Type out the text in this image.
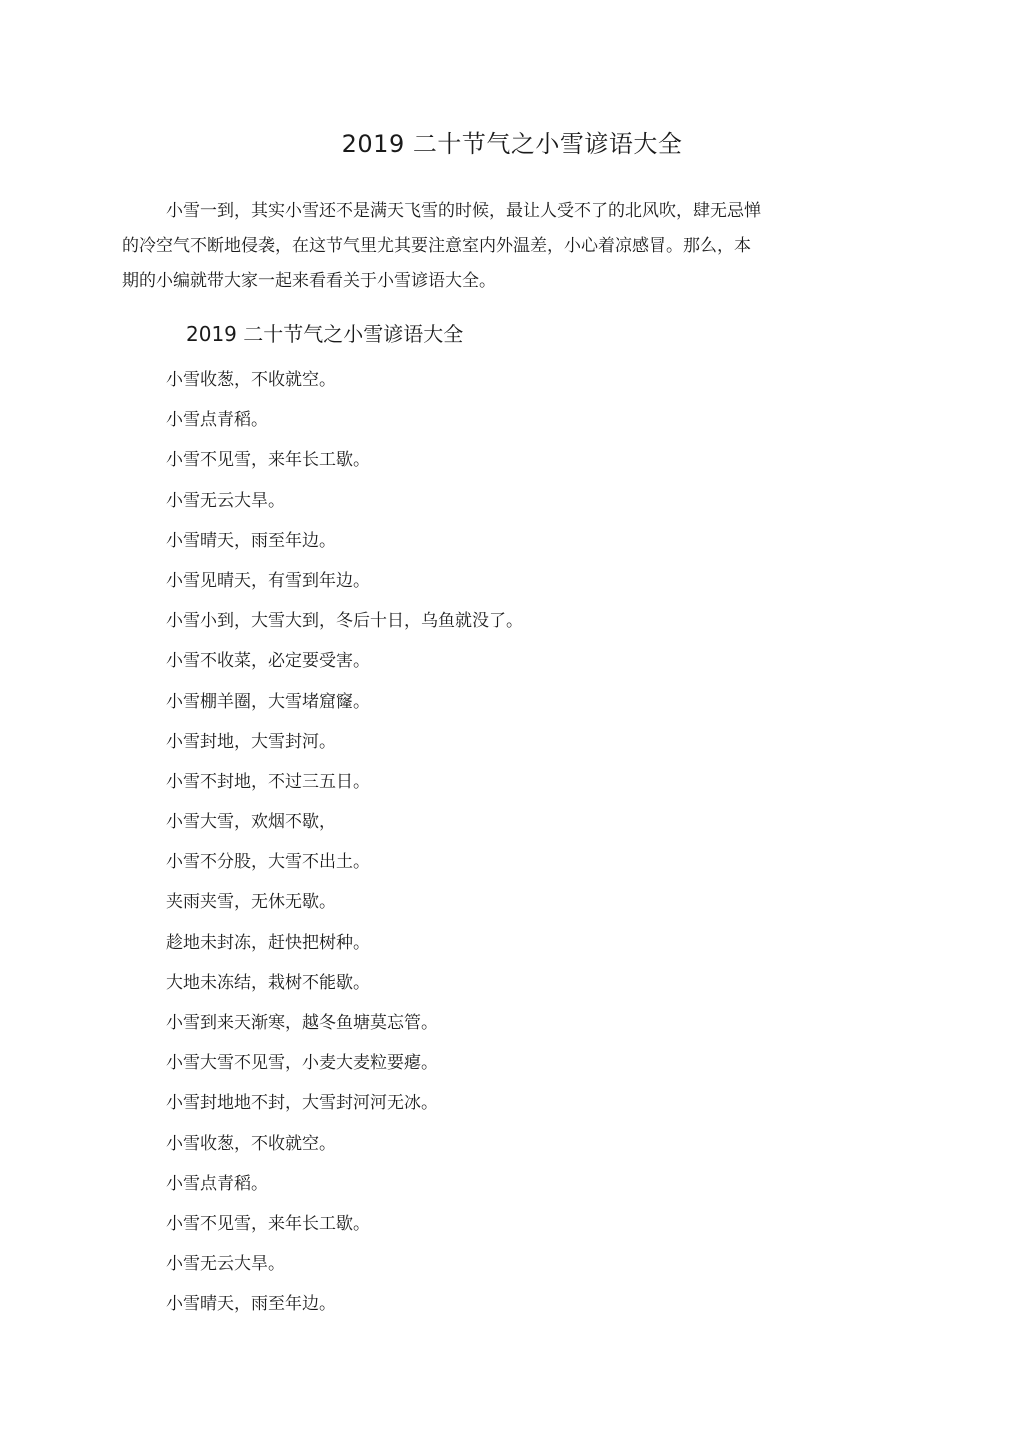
2019 二十节气之小雪谚语大全

小雪一到，其实小雪还不是满天飞雪的时候，最让人受不了的北风吹，肆无忌惮
的冷空气不断地侵袭，在这节气里尤其要注意室内外温差，小心着凉感冒。那么，本
期的小编就带大家一起来看看关于小雪谚语大全。

2019 二十节气之小雪谚语大全
小雪收葱，不收就空。
小雪点青稻。
小雪不见雪，来年长工歇。
小雪无云大旱。
小雪晴天，雨至年边。
小雪见晴天，有雪到年边。
小雪小到，大雪大到，冬后十日，乌鱼就没了。
小雪不收菜，必定要受害。
小雪棚羊圈，大雪堵窟窿。
小雪封地，大雪封河。
小雪不封地，不过三五日。
小雪大雪，欢烟不歇，
小雪不分股，大雪不出土。
夹雨夹雪，无休无歇。
趁地未封冻，赶快把树种。
大地未冻结，栽树不能歇。
小雪到来天渐寒，越冬鱼塘莫忘管。
小雪大雪不见雪，小麦大麦粒要瘪。
小雪封地地不封，大雪封河河无冰。
小雪收葱，不收就空。
小雪点青稻。
小雪不见雪，来年长工歇。
小雪无云大旱。
小雪晴天，雨至年边。
